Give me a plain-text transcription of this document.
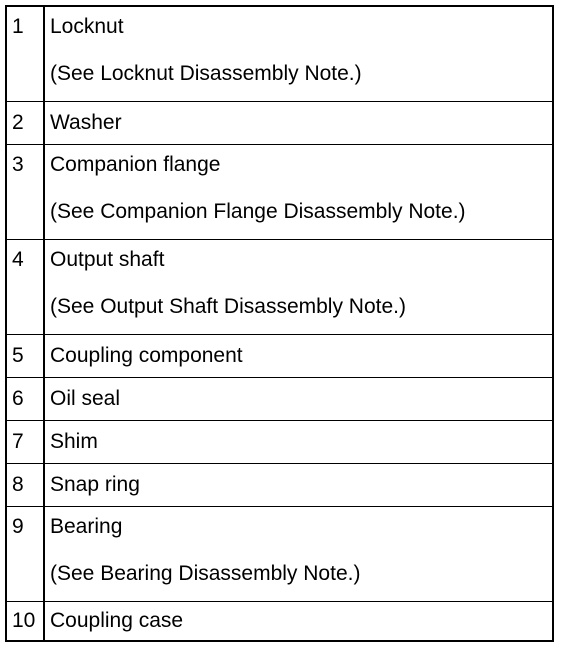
1	Locknut
(See Locknut Disassembly Note.)

2	Washer

3	Companion flange
(See Companion Flange Disassembly Note.)

4	Output shaft
(See Output Shaft Disassembly Note.)

5	Coupling component

6	Oil seal

7	Shim

8	Snap ring

9	Bearing
(See Bearing Disassembly Note.)

10	Coupling case
